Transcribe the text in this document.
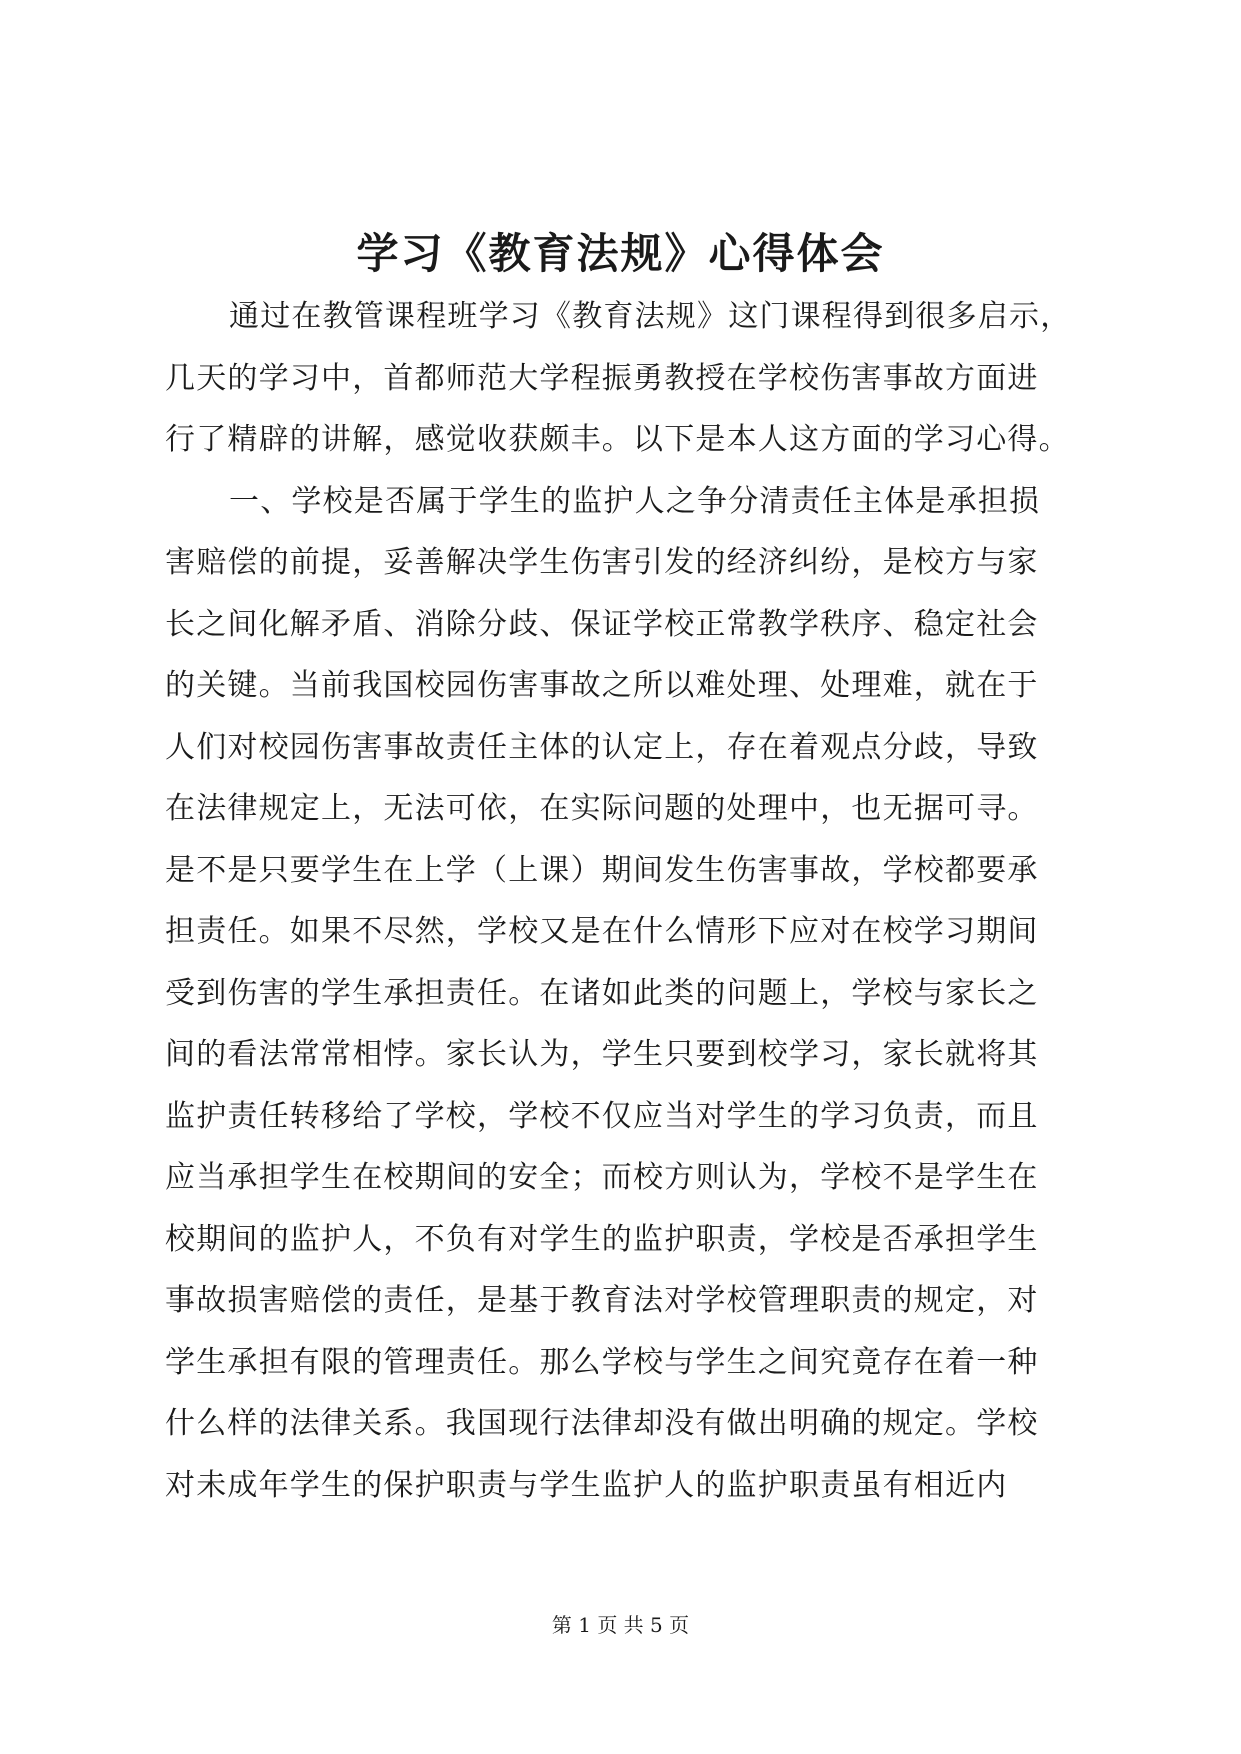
学习《教育法规》心得体会
通过在教管课程班学习《教育法规》这门课程得到很多启示，
几天的学习中，首都师范大学程振勇教授在学校伤害事故方面进
行了精辟的讲解，感觉收获颇丰。以下是本人这方面的学习心得。
一、学校是否属于学生的监护人之争分清责任主体是承担损
害赔偿的前提，妥善解决学生伤害引发的经济纠纷，是校方与家
长之间化解矛盾、消除分歧、保证学校正常教学秩序、稳定社会
的关键。当前我国校园伤害事故之所以难处理、处理难，就在于
人们对校园伤害事故责任主体的认定上，存在着观点分歧，导致
在法律规定上，无法可依，在实际问题的处理中，也无据可寻。
是不是只要学生在上学（上课）期间发生伤害事故，学校都要承
担责任。如果不尽然，学校又是在什么情形下应对在校学习期间
受到伤害的学生承担责任。在诸如此类的问题上，学校与家长之
间的看法常常相悖。家长认为，学生只要到校学习，家长就将其
监护责任转移给了学校，学校不仅应当对学生的学习负责，而且
应当承担学生在校期间的安全；而校方则认为，学校不是学生在
校期间的监护人，不负有对学生的监护职责，学校是否承担学生
事故损害赔偿的责任，是基于教育法对学校管理职责的规定，对
学生承担有限的管理责任。那么学校与学生之间究竟存在着一种
什么样的法律关系。我国现行法律却没有做出明确的规定。学校
对未成年学生的保护职责与学生监护人的监护职责虽有相近内
第 1 页 共 5 页
